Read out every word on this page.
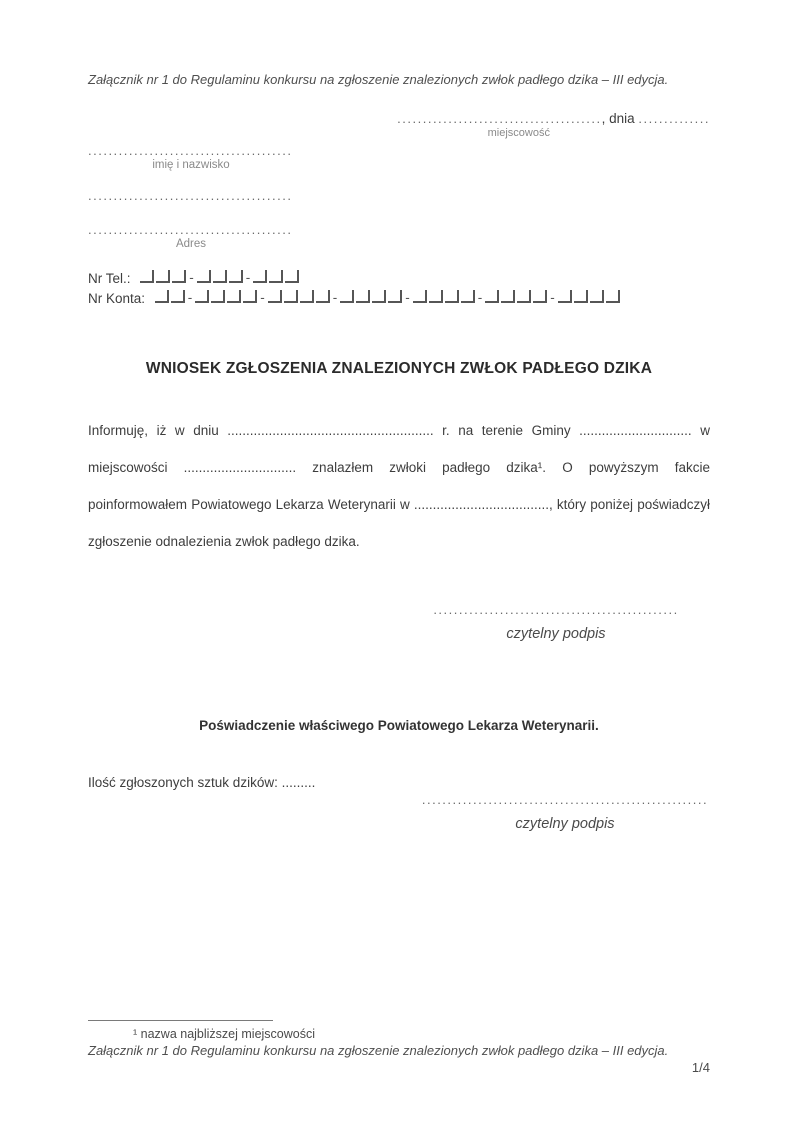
Załącznik nr 1 do Regulaminu konkursu na zgłoszenie znalezionych zwłok padłego dzika – III edycja.

........................................, dnia ..............
miejscowość
........................................
imię i nazwisko
........................................
........................................
Adres
Nr Tel.:	-	-
Nr Konta:	-	-	-	-	-	-
WNIOSEK ZGŁOSZENIA ZNALEZIONYCH ZWŁOK PADŁEGO DZIKA

Informuję, iż w dniu ....................................................... r. na terenie Gminy .............................. w miejscowości .............................. znalazłem zwłoki padłego dzika¹. O powyższym fakcie poinformowałem Powiatowego Lekarza Weterynarii w ...................................., który poniżej poświadczył zgłoszenie odnalezienia zwłok padłego dzika.

................................................
czytelny podpis
Poświadczenie właściwego Powiatowego Lekarza Weterynarii.
Ilość zgłoszonych sztuk dzików: .........
........................................................
czytelny podpis
¹ nazwa najbliższej miejscowości
Załącznik nr 1 do Regulaminu konkursu na zgłoszenie znalezionych zwłok padłego dzika – III edycja.
1/4
